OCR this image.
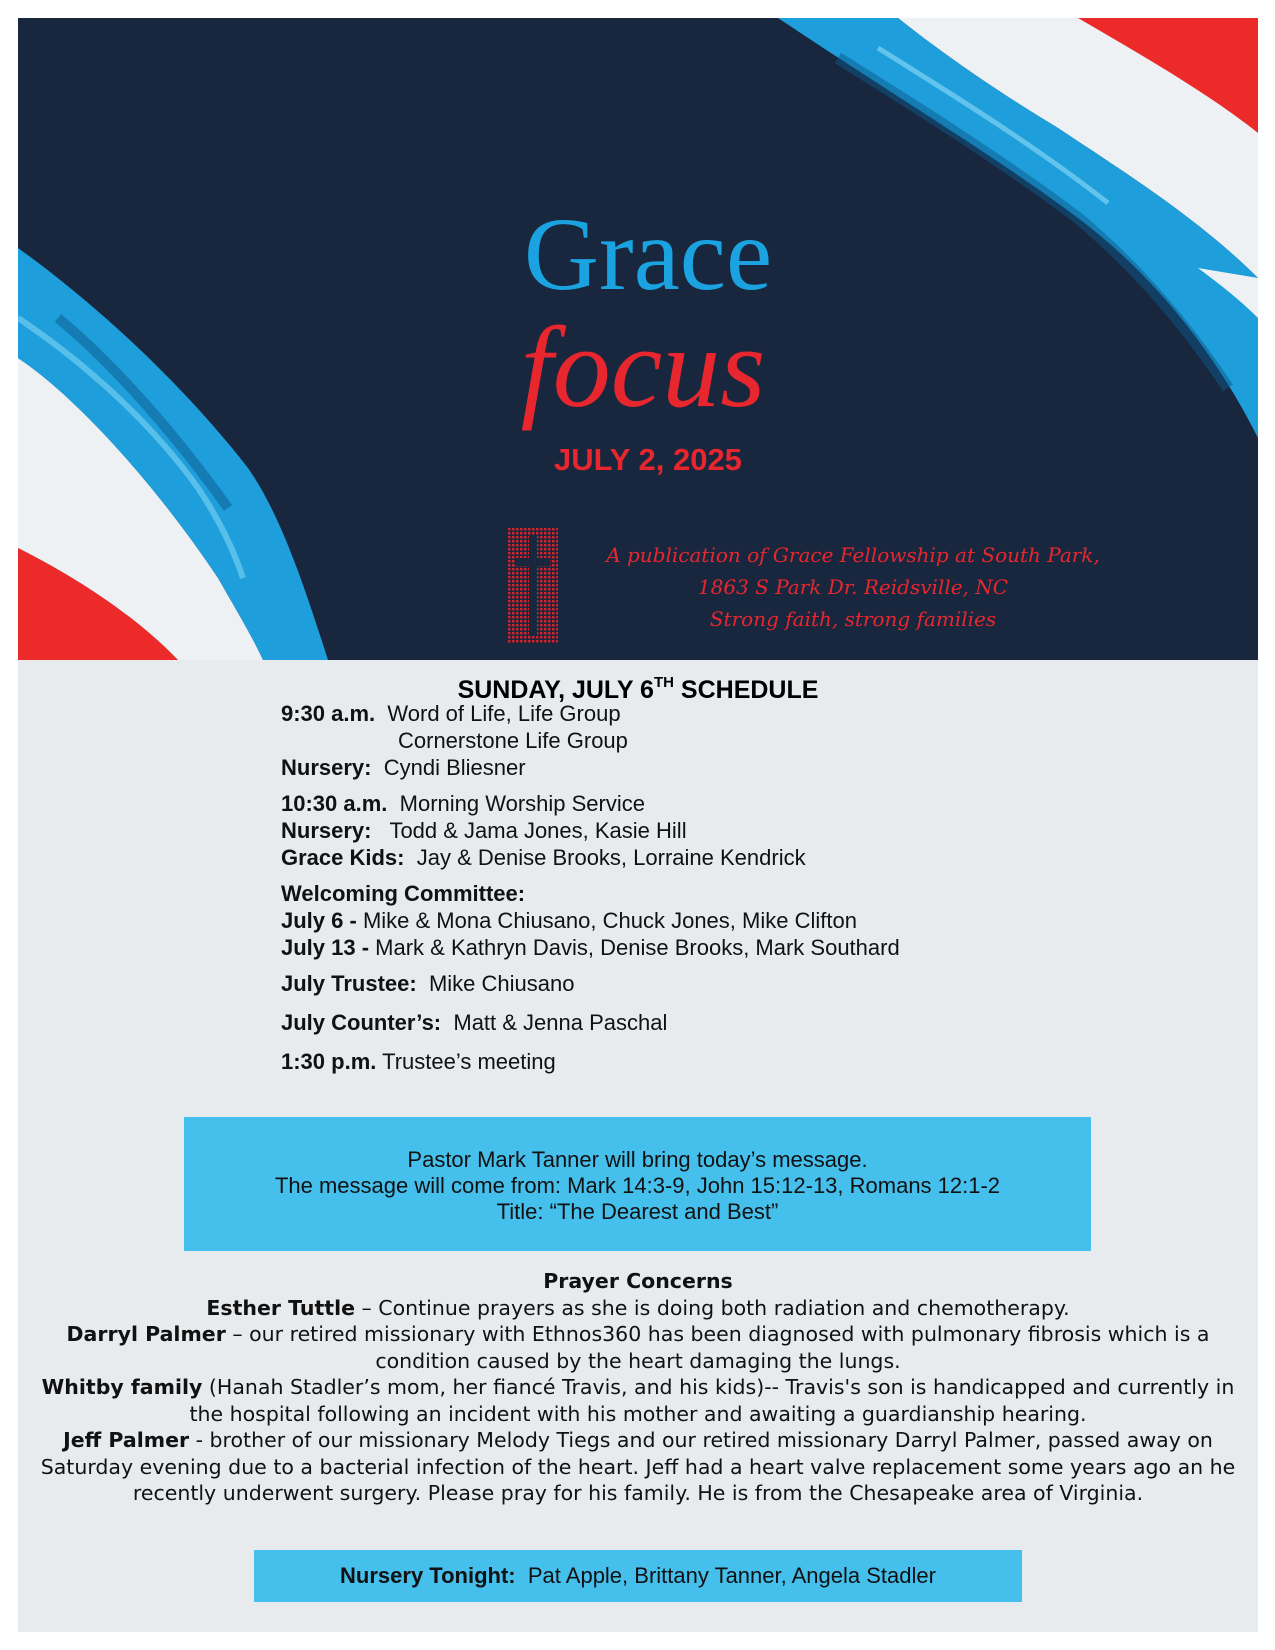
Grace
focus
JULY 2, 2025
A publication of Grace Fellowship at South Park,
1863 S Park Dr. Reidsville, NC
Strong faith, strong families
SUNDAY, JULY 6TH SCHEDULE
9:30 a.m. Word of Life, Life Group
Cornerstone Life Group
Nursery: Cyndi Bliesner
10:30 a.m. Morning Worship Service
Nursery: Todd & Jama Jones, Kasie Hill
Grace Kids: Jay & Denise Brooks, Lorraine Kendrick
Welcoming Committee:
July 6 - Mike & Mona Chiusano, Chuck Jones, Mike Clifton
July 13 - Mark & Kathryn Davis, Denise Brooks, Mark Southard
July Trustee: Mike Chiusano
July Counter’s: Matt & Jenna Paschal
1:30 p.m. Trustee’s meeting
Pastor Mark Tanner will bring today’s message.
The message will come from: Mark 14:3-9, John 15:12-13, Romans 12:1-2
Title: “The Dearest and Best”
Prayer Concerns
Esther Tuttle – Continue prayers as she is doing both radiation and chemotherapy.
Darryl Palmer – our retired missionary with Ethnos360 has been diagnosed with pulmonary fibrosis which is a condition caused by the heart damaging the lungs.
Whitby family (Hanah Stadler’s mom, her fiancé Travis, and his kids)-- Travis's son is handicapped and currently in the hospital following an incident with his mother and awaiting a guardianship hearing.
Jeff Palmer - brother of our missionary Melody Tiegs and our retired missionary Darryl Palmer, passed away on Saturday evening due to a bacterial infection of the heart. Jeff had a heart valve replacement some years ago an he recently underwent surgery. Please pray for his family. He is from the Chesapeake area of Virginia.
Nursery Tonight: Pat Apple, Brittany Tanner, Angela Stadler
